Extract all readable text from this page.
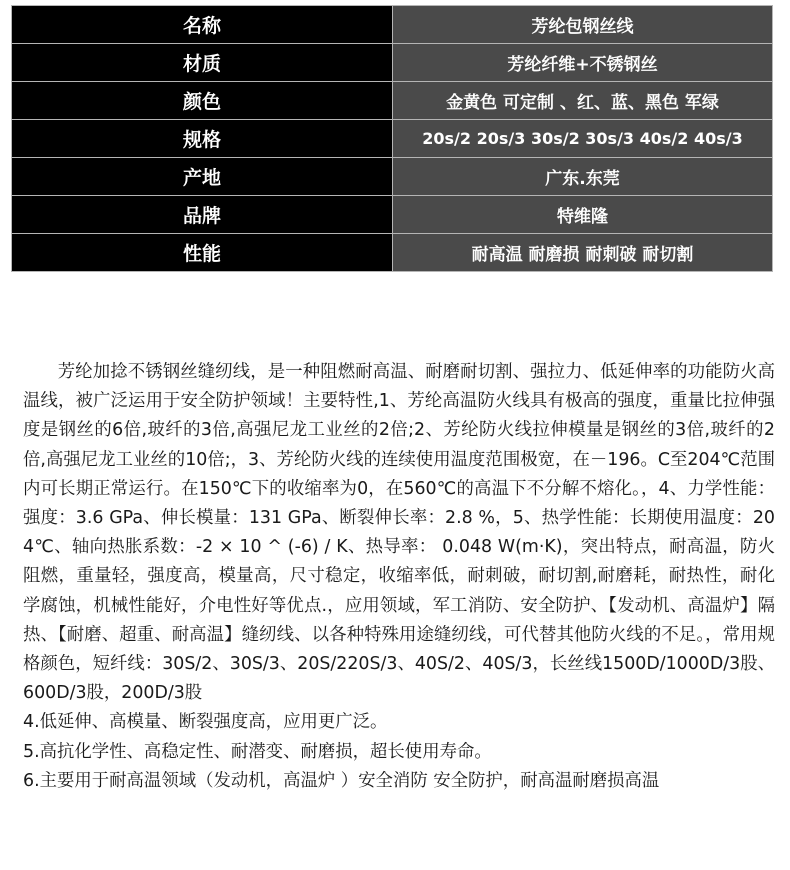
名称	芳纶包钢丝线
材质	芳纶纤维+不锈钢丝
颜色	金黄色 可定制 、红、蓝、黑色 军绿
规格	20s/2 20s/3 30s/2 30s/3 40s/2 40s/3
产地	广东.东莞
品牌	特维隆
性能	耐高温 耐磨损 耐刺破 耐切割

芳纶加捻不锈钢丝缝纫线，是一种阻燃耐高温、耐磨耐切割、强拉力、低延伸率的功能防火高温线，被广泛运用于安全防护领域！主要特性,1、芳纶高温防火线具有极高的强度，重量比拉伸强度是钢丝的6倍,玻纤的3倍,高强尼龙工业丝的2倍;2、芳纶防火线拉伸模量是钢丝的3倍,玻纤的2倍,高强尼龙工业丝的10倍;，3、芳纶防火线的连续使用温度范围极宽，在－196。C至204℃范围内可长期正常运行。在150℃下的收缩率为0，在560℃的高温下不分解不熔化。，4、力学性能：强度：3.6 GPa、伸长模量：131 GPa、断裂伸长率：2.8 %，5、热学性能：长期使用温度：204℃、轴向热胀系数：-2 × 10 ^ (-6) / K、热导率： 0.048 W(m·K)，突出特点，耐高温，防火阻燃，重量轻，强度高，模量高，尺寸稳定，收缩率低，耐刺破，耐切割,耐磨耗，耐热性，耐化学腐蚀，机械性能好，介电性好等优点.，应用领域，军工消防、安全防护、【发动机、高温炉】隔热、【耐磨、超重、耐高温】缝纫线、以各种特殊用途缝纫线，可代替其他防火线的不足。，常用规格颜色，短纤线：30S/2、30S/3、20S/220S/3、40S/2、40S/3，长丝线1500D/1000D/3股、600D/3股，200D/3股

4.低延伸、高模量、断裂强度高，应用更广泛。

5.高抗化学性、高稳定性、耐潜变、耐磨损，超长使用寿命。

6.主要用于耐高温领域（发动机，高温炉 ）安全消防 安全防护，耐高温耐磨损高温
